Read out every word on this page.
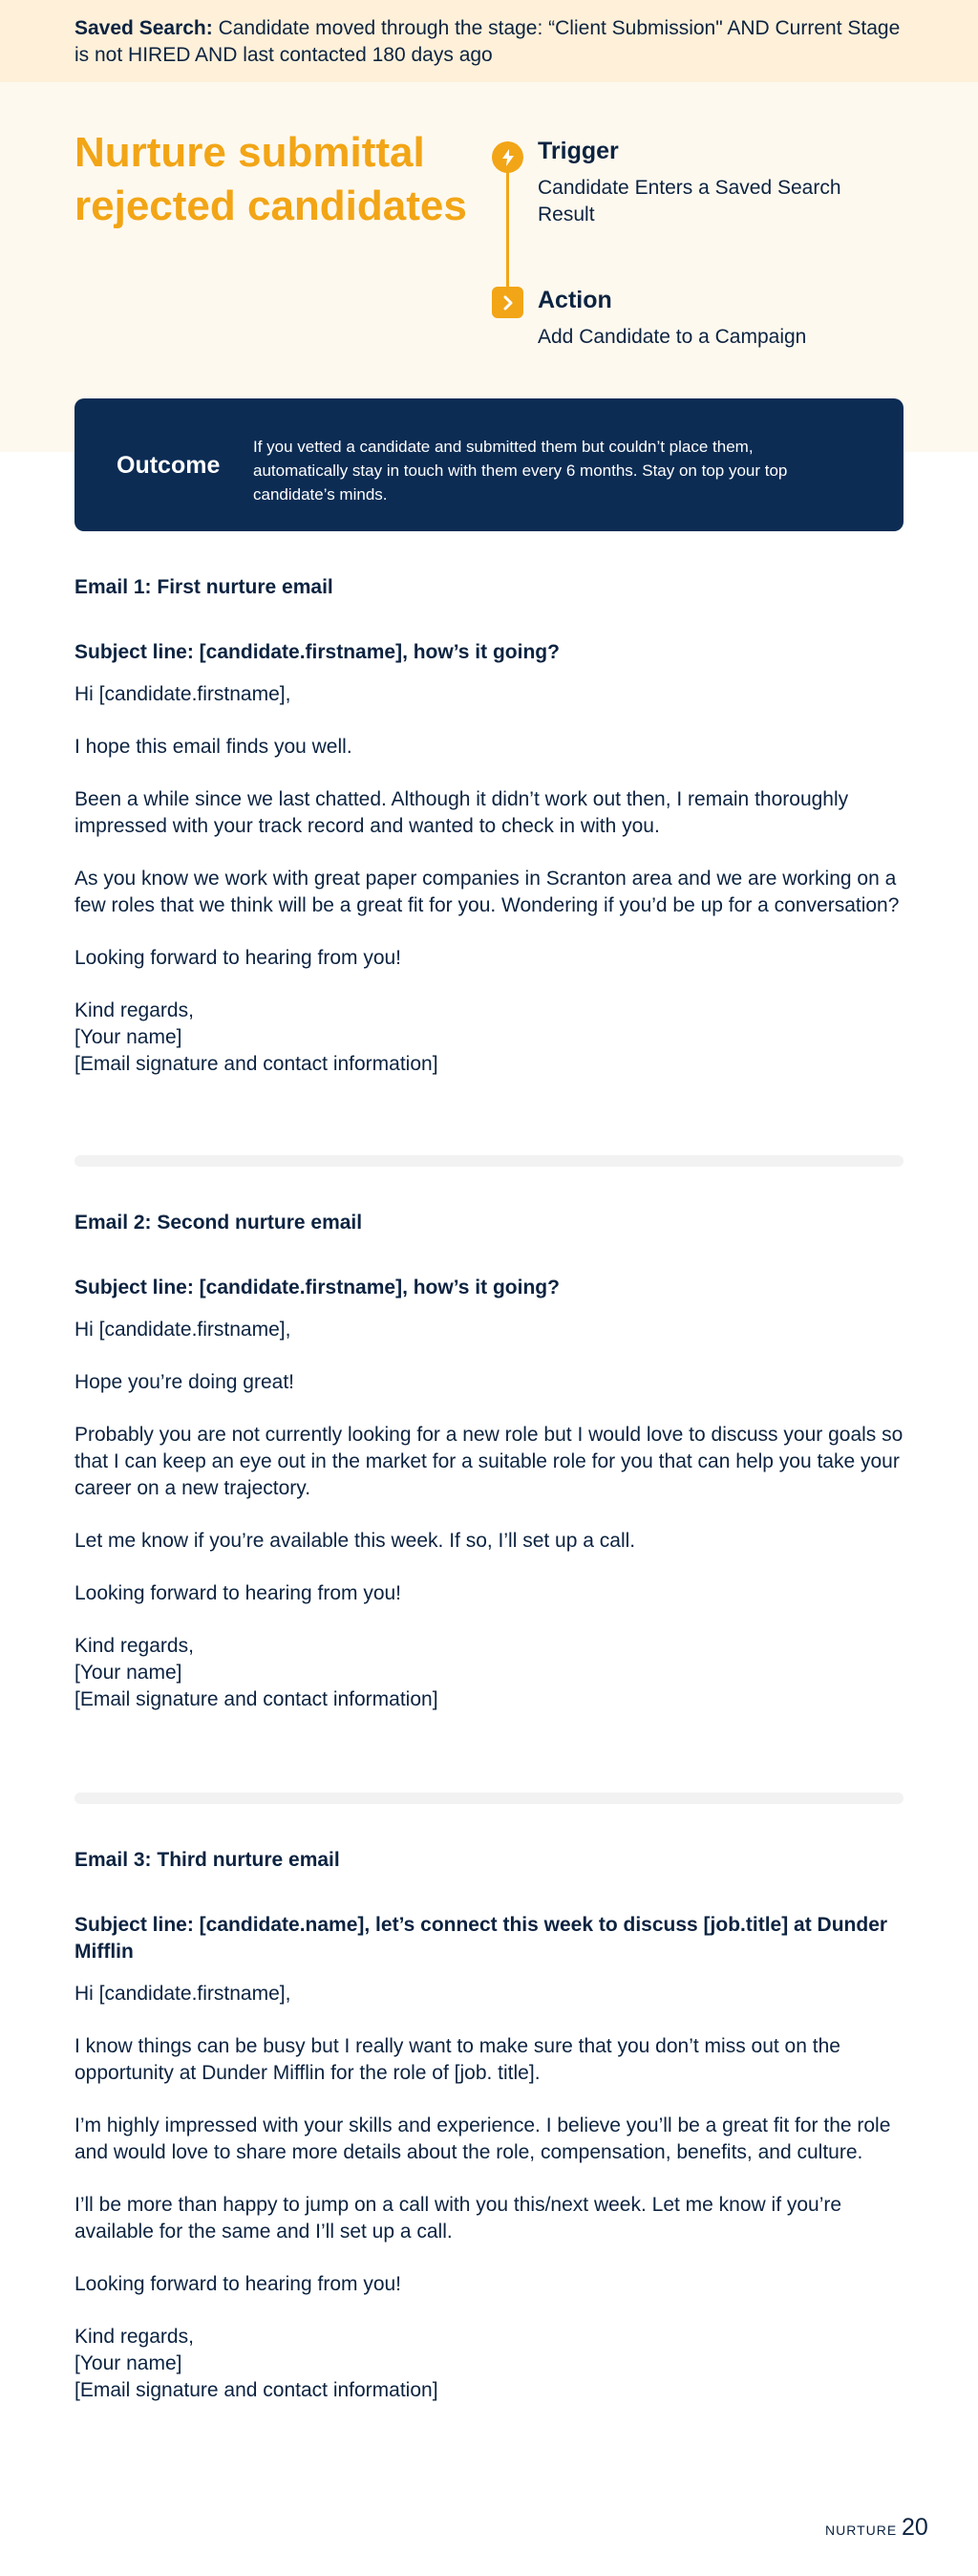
Saved Search: Candidate moved through the stage: “Client Submission" AND Current Stage is not HIRED AND last contacted 180 days ago
Nurture submittal rejected candidates
Trigger
Candidate Enters a Saved Search Result
Action
Add Candidate to a Campaign
Outcome
If you vetted a candidate and submitted them but couldn’t place them, automatically stay in touch with them every 6 months. Stay on top your top candidate’s minds.
Email 1: First nurture email
Subject line: [candidate.firstname], how’s it going?

Hi [candidate.firstname],

I hope this email finds you well.

Been a while since we last chatted. Although it didn’t work out then, I remain thoroughly impressed with your track record and wanted to check in with you.

As you know we work with great paper companies in Scranton area and we are working on a few roles that we think will be a great fit for you. Wondering if you’d be up for a conversation?

Looking forward to hearing from you!

Kind regards,
[Your name]
[Email signature and contact information]
Email 2: Second nurture email
Subject line: [candidate.firstname], how’s it going?

Hi [candidate.firstname],

Hope you’re doing great!

Probably you are not currently looking for a new role but I would love to discuss your goals so that I can keep an eye out in the market for a suitable role for you that can help you take your career on a new trajectory.

Let me know if you’re available this week. If so, I’ll set up a call.

Looking forward to hearing from you!

Kind regards,
[Your name]
[Email signature and contact information]
Email 3: Third nurture email
Subject line: [candidate.name], let’s connect this week to discuss [job.title] at Dunder Mifflin

Hi [candidate.firstname],

I know things can be busy but I really want to make sure that you don’t miss out on the opportunity at Dunder Mifflin for the role of [job. title].

I’m highly impressed with your skills and experience. I believe you’ll be a great fit for the role and would love to share more details about the role, compensation, benefits, and culture.

I’ll be more than happy to jump on a call with you this/next week. Let me know if you’re available for the same and I’ll set up a call.

Looking forward to hearing from you!

Kind regards,
[Your name]
[Email signature and contact information]
NURTURE 20
